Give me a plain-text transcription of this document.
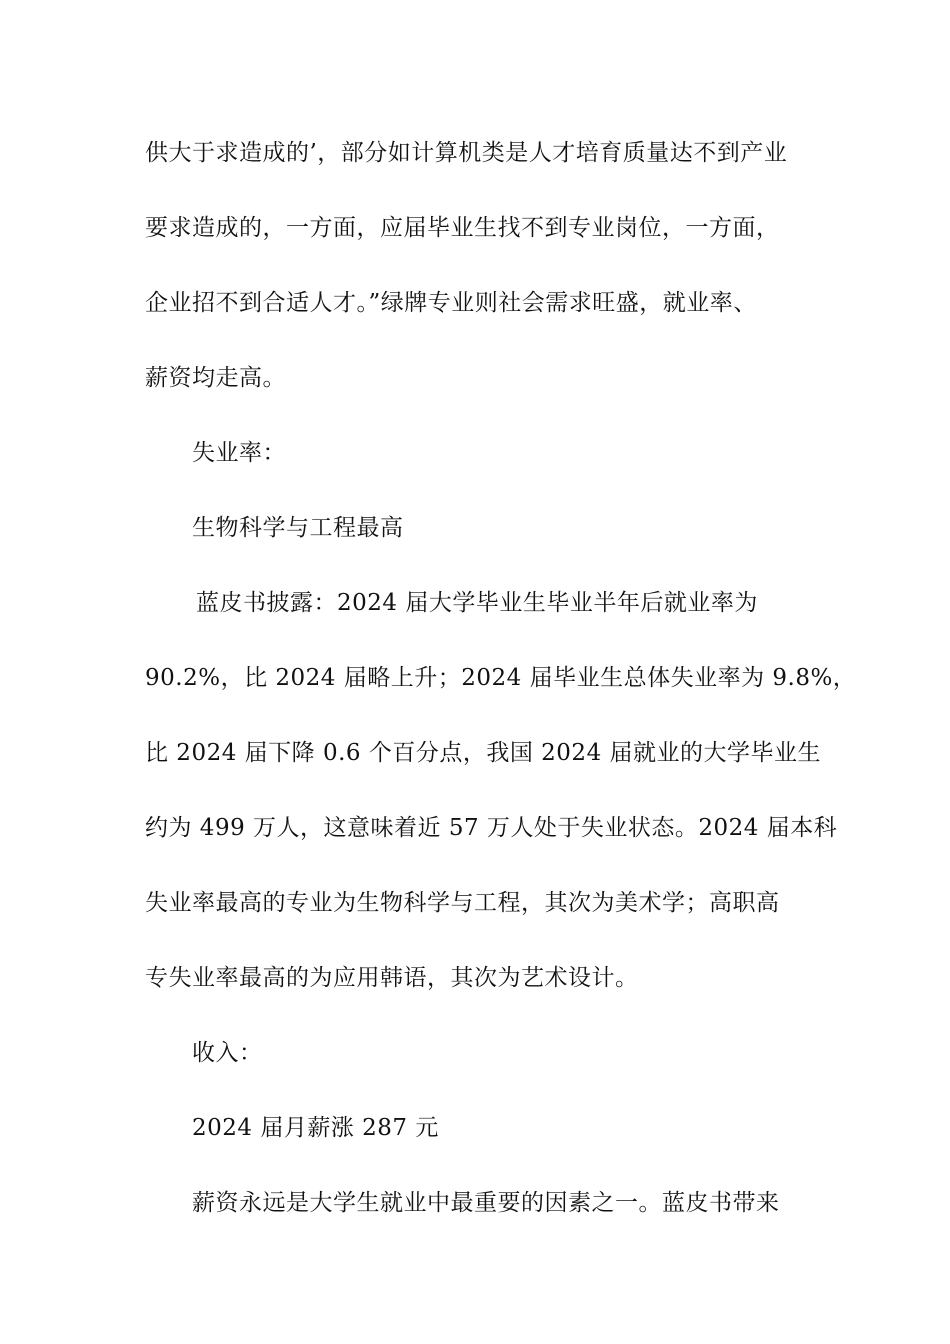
供大于求造成的’，部分如计算机类是人才培育质量达不到产业
要求造成的，一方面，应届毕业生找不到专业岗位，一方面，
企业招不到合适人才。”绿牌专业则社会需求旺盛，就业率、
薪资均走高。
失业率：
生物科学与工程最高
蓝皮书披露：2024 届大学毕业生毕业半年后就业率为
90.2%，比 2024 届略上升；2024 届毕业生总体失业率为 9.8%，
比 2024 届下降 0.6 个百分点，我国 2024 届就业的大学毕业生
约为 499 万人，这意味着近 57 万人处于失业状态。2024 届本科
失业率最高的专业为生物科学与工程，其次为美术学；高职高
专失业率最高的为应用韩语，其次为艺术设计。
收入：
2024 届月薪涨 287 元
薪资永远是大学生就业中最重要的因素之一。蓝皮书带来
